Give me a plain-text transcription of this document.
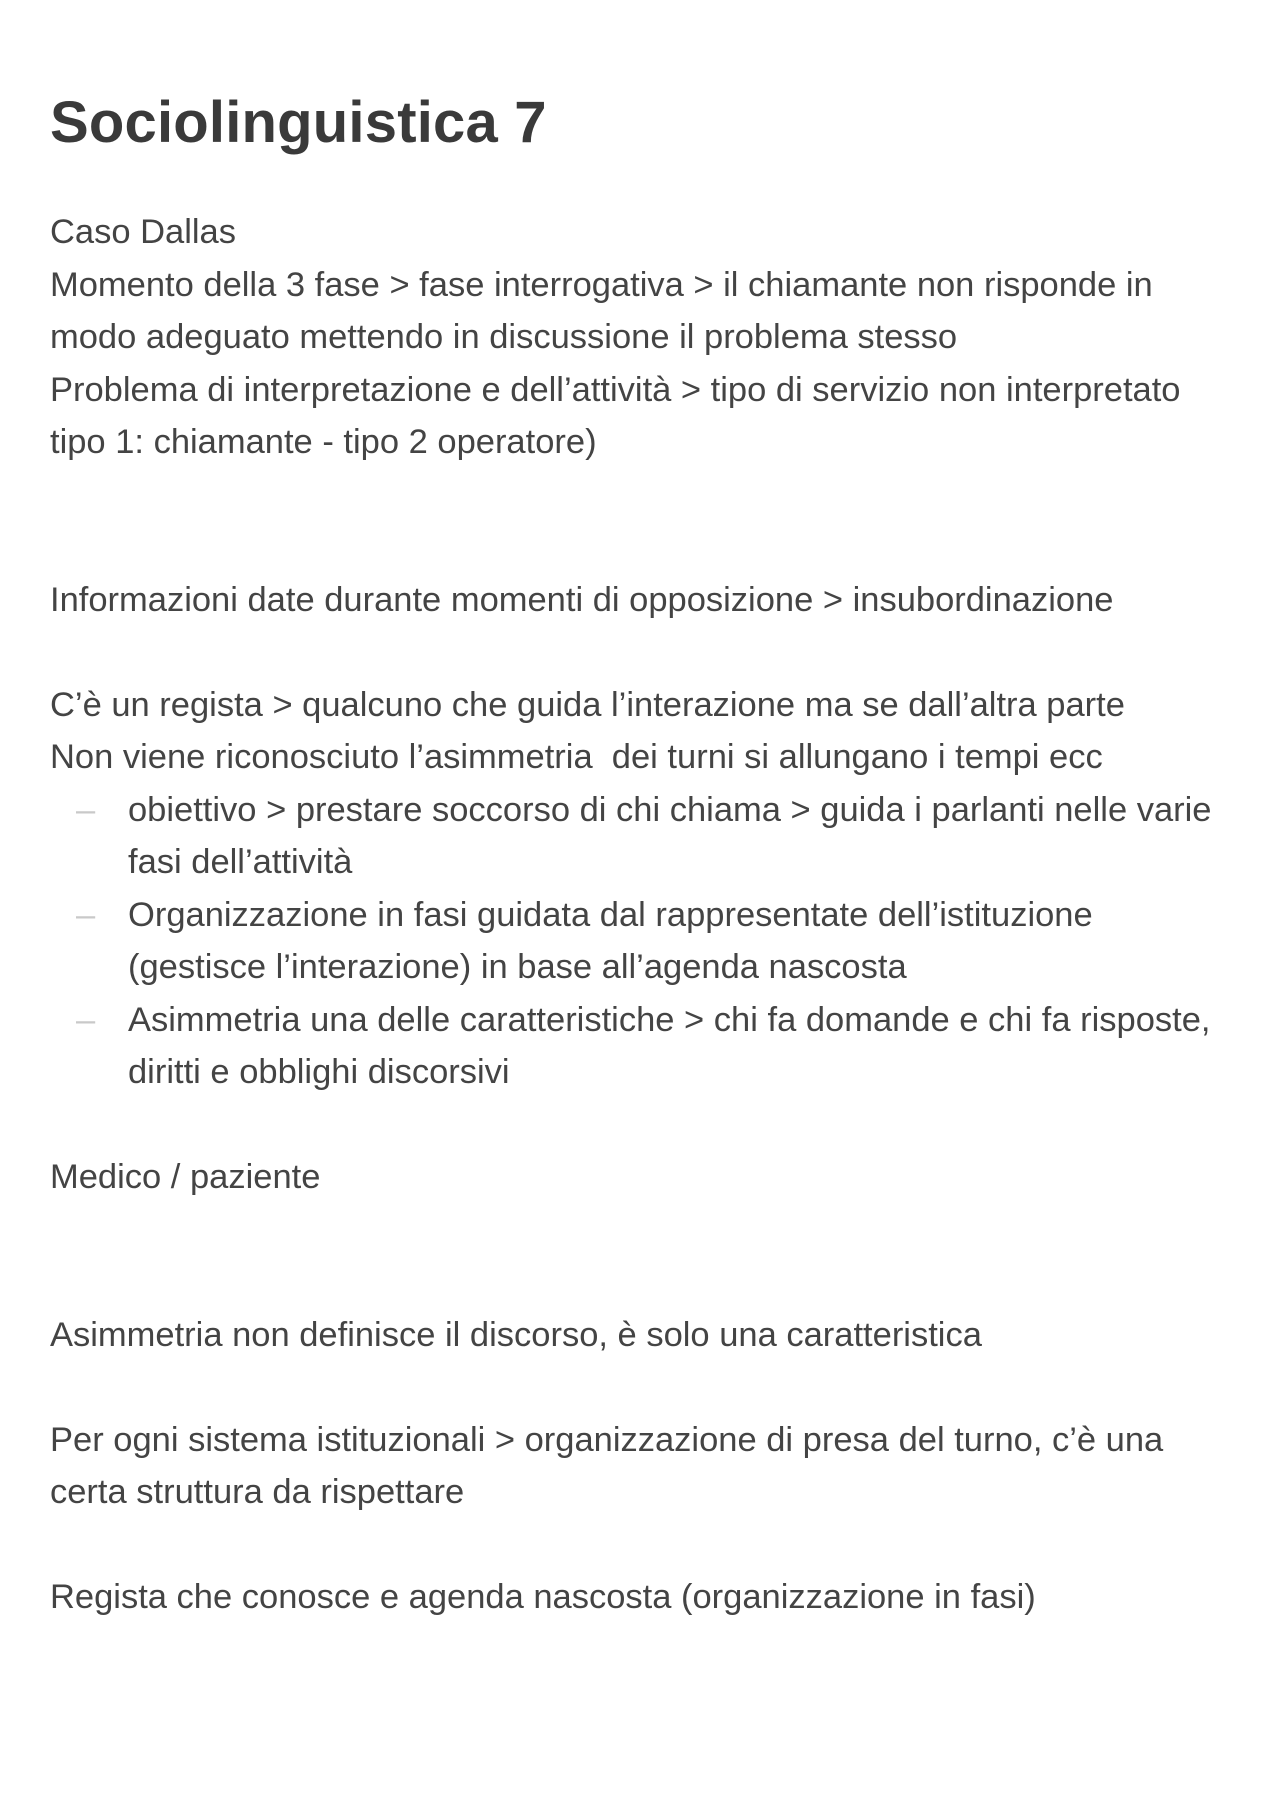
Sociolinguistica 7
Caso Dallas
Momento della 3 fase > fase interrogativa > il chiamante non risponde in modo adeguato mettendo in discussione il problema stesso
Problema di interpretazione e dell’attività > tipo di servizio non interpretato tipo 1: chiamante - tipo 2 operatore)
Informazioni date durante momenti di opposizione > insubordinazione
C’è un regista > qualcuno che guida l’interazione ma se dall’altra parte
Non viene riconosciuto l’asimmetria  dei turni si allungano i tempi ecc
– obiettivo > prestare soccorso di chi chiama > guida i parlanti nelle varie fasi dell’attività
– Organizzazione in fasi guidata dal rappresentate dell’istituzione (gestisce l’interazione) in base all’agenda nascosta
– Asimmetria una delle caratteristiche > chi fa domande e chi fa risposte, diritti e obblighi discorsivi
Medico / paziente
Asimmetria non definisce il discorso, è solo una caratteristica
Per ogni sistema istituzionali > organizzazione di presa del turno, c’è una certa struttura da rispettare
Regista che conosce e agenda nascosta (organizzazione in fasi)
